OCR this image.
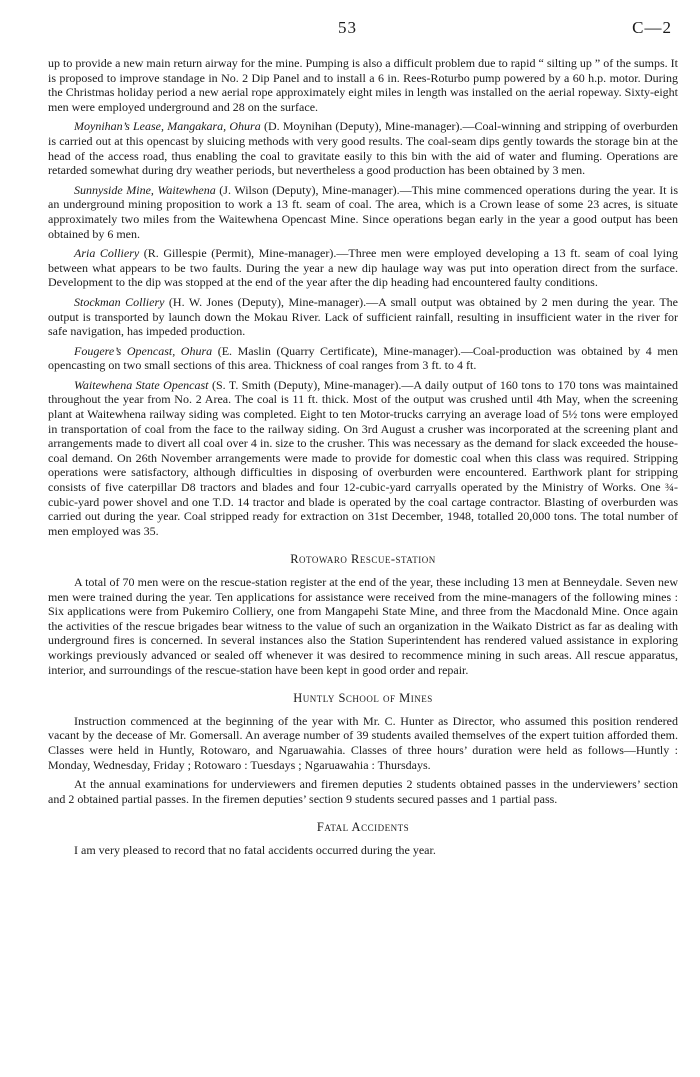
53	C—2

up to provide a new main return airway for the mine. Pumping is also a difficult problem due to rapid “ silting up ” of the sumps. It is proposed to improve standage in No. 2 Dip Panel and to install a 6 in. Rees-Roturbo pump powered by a 60 h.p. motor. During the Christmas holiday period a new aerial rope approximately eight miles in length was installed on the aerial ropeway. Sixty-eight men were employed underground and 28 on the surface.

Moynihan’s Lease, Mangakara, Ohura (D. Moynihan (Deputy), Mine-manager).—Coal-winning and stripping of overburden is carried out at this opencast by sluicing methods with very good results. The coal-seam dips gently towards the storage bin at the head of the access road, thus enabling the coal to gravitate easily to this bin with the aid of water and fluming. Operations are retarded somewhat during dry weather periods, but nevertheless a good production has been obtained by 3 men.

Sunnyside Mine, Waitewhena (J. Wilson (Deputy), Mine-manager).—This mine commenced operations during the year. It is an underground mining proposition to work a 13 ft. seam of coal. The area, which is a Crown lease of some 23 acres, is situate approximately two miles from the Waitewhena Opencast Mine. Since operations began early in the year a good output has been obtained by 6 men.

Aria Colliery (R. Gillespie (Permit), Mine-manager).—Three men were employed developing a 13 ft. seam of coal lying between what appears to be two faults. During the year a new dip haulage way was put into operation direct from the surface. Development to the dip was stopped at the end of the year after the dip heading had encountered faulty conditions.

Stockman Colliery (H. W. Jones (Deputy), Mine-manager).—A small output was obtained by 2 men during the year. The output is transported by launch down the Mokau River. Lack of sufficient rainfall, resulting in insufficient water in the river for safe navigation, has impeded production.

Fougere’s Opencast, Ohura (E. Maslin (Quarry Certificate), Mine-manager).—Coal-production was obtained by 4 men opencasting on two small sections of this area. Thickness of coal ranges from 3 ft. to 4 ft.

Waitewhena State Opencast (S. T. Smith (Deputy), Mine-manager).—A daily output of 160 tons to 170 tons was maintained throughout the year from No. 2 Area. The coal is 11 ft. thick. Most of the output was crushed until 4th May, when the screening plant at Waitewhena railway siding was completed. Eight to ten Motor-trucks carrying an average load of 5½ tons were employed in transportation of coal from the face to the railway siding. On 3rd August a crusher was incorporated at the screening plant and arrangements made to divert all coal over 4 in. size to the crusher. This was necessary as the demand for slack exceeded the house-coal demand. On 26th November arrangements were made to provide for domestic coal when this class was required. Stripping operations were satisfactory, although difficulties in disposing of overburden were encountered. Earthwork plant for stripping consists of five caterpillar D8 tractors and blades and four 12-cubic-yard carryalls operated by the Ministry of Works. One ¾-cubic-yard power shovel and one T.D. 14 tractor and blade is operated by the coal cartage contractor. Blasting of overburden was carried out during the year. Coal stripped ready for extraction on 31st December, 1948, totalled 20,000 tons. The total number of men employed was 35.

Rotowaro Rescue-station

A total of 70 men were on the rescue-station register at the end of the year, these including 13 men at Benneydale. Seven new men were trained during the year. Ten applications for assistance were received from the mine-managers of the following mines : Six applications were from Pukemiro Colliery, one from Mangapehi State Mine, and three from the Macdonald Mine. Once again the activities of the rescue brigades bear witness to the value of such an organization in the Waikato District as far as dealing with underground fires is concerned. In several instances also the Station Superintendent has rendered valued assistance in exploring workings previously advanced or sealed off whenever it was desired to recommence mining in such areas. All rescue apparatus, interior, and surroundings of the rescue-station have been kept in good order and repair.

Huntly School of Mines

Instruction commenced at the beginning of the year with Mr. C. Hunter as Director, who assumed this position rendered vacant by the decease of Mr. Gomersall. An average number of 39 students availed themselves of the expert tuition afforded them. Classes were held in Huntly, Rotowaro, and Ngaruawahia. Classes of three hours’ duration were held as follows—Huntly : Monday, Wednesday, Friday ; Rotowaro : Tuesdays ; Ngaruawahia : Thursdays.

At the annual examinations for underviewers and firemen deputies 2 students obtained passes in the underviewers’ section and 2 obtained partial passes. In the firemen deputies’ section 9 students secured passes and 1 partial pass.

Fatal Accidents

I am very pleased to record that no fatal accidents occurred during the year.
